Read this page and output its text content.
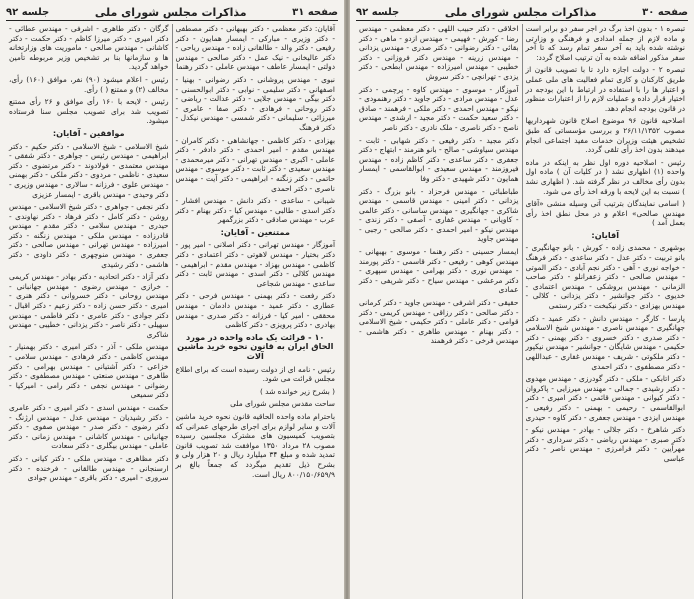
صفحه ۳۱
مذاکرات مجلس شورای ملی
جلسه ۹۲

آقایان: دکتر معظمی - دکتر بهبهانی - دکتر مصطفی - دکتر وزیری - مبارکی - ایمسار همایون - دکتر رفیعی - دکتر والد - طالقانی زاده - مهندس ریاحی - دکتر عالیخانی - نیک عمل - دکتر صالحی - مهندس دولتی - ایمسار عاطف - مهندس عاملی - دکتر رهنما

نبوی - مهندس پروشانی - دکتر رضوانی - بهنیا - اصفهانی - دکتر سلیمی - نوابی - دکتر ابوالحسنی - دکتر بیگی - مهندس جلایی - دکتر عدالت - ریاضی - دکتر روحانی - فرهادی - دکتر صفا - عامری - میرزائی - سلیمانی - دکتر شمسی - مهندس نیکدل - دکتر فرهنگ

بهزادی - دکتر کاظمی - جهانشاهی - دکتر کامران - مهندس مقدم - امیر احمدی - دکتر دادفر - دکتر عاملی - اکبری - مهندس تهرانی - دکتر میرمحمدی - مهندس سعیدی - دکتر ثابت - دکتر موسوی - مهندس حاتمی - دکتر زنگنه - ابراهیمی - دکتر آیت - مهندس ناصری - دکتر احمدی

شیبانی - ساعدی - دکتر دانش - مهندس افشار - دکتر اسدی - طالبی - مهندس کیا - دکتر بهنام - دکتر عرب - مهندس صادقی - دکتر بزرگمهر

ممتنعین - آقایان:

آموزگار - مهندس تهرانی - دکتر اصلانی - امیر پور - دکتر بختیار - مهندس لاهوتی - دکتر اعتمادی - دکتر کاظمی - مهندس بهزاد - مهندس مقدم - ابراهیمی - مهندس کلالی - دکتر اسدی - مهندس ثابت - دکتر ساعدی - مهندس شجاعی

دکتر رفعت - دکتر بهمنی - مهندس فرحی - دکتر عطاری - دکتر عمید - مهندس دادمان - مهندس محققی - امیر کیا - فرزانه - دکتر صدری - مهندس بهادری - دکتر پرویزی - دکتر کاظمی

۱۰ - قرائت یک ماده واحده در مورد الحاق ایران به قانون نحوه خرید ماشین آلات

رئیس - نامه ای از دولت رسیده است که برای اطلاع مجلس قرائت می شود.

( بشرح زیر خوانده شد )

ساحت مقدس مجلس شورای ملی

باحترام ماده واحده الحاقیه قانون نحوه خرید ماشین آلات و سایر لوازم برای اجرای طرحهای عمرانی که بتصویب کمیسیون های مشترک مجلسین رسیده مصوب ۲۸ مرداد ۱۳۵۰ موافقت شد تصویب قانون تمدید شده و مبلغ ۳۴ میلیارد ریال و ۲۰ هزار ولی و بشرح ذیل تقدیم میگردد که جمعاً بالغ بر ۸۰۰/۱۵۰/۶۵۹/۹ ریال است.

گرگان - دکتر طاهری - اشرفی - مهندس عطائی - دکتر امیری - دکتر میرزا کاظم - دکتر حکمت - دکتر کاشانی - مهندس صالحی - ماموریت های وزارتخانه ها و سازمانها بنا بر تشخیص وزیر مربوطه تأمین خواهد گردید.

رئیس - اعلام میشود (۹۰) نفر، موافق (۱۶۰) رأی، مخالف (۲) و ممتنع ( ) رأی.

رئیس - لایحه با ۱۶۰ رأی موافق و ۲۶ رأی ممتنع تصویب شد برای تصویب مجلس سنا فرستاده میشود.

موافقین - آقایان:

شیخ الاسلامی - شیخ الاسلامی - دکتر حکیم - دکتر ابراهیمی - مهندس رئیس - جواهری - دکتر شفقی - مهندس معتمدی - فولادوند - دکتر مرتضوی - دکتر سعیدی - ناظمی - مردوی - دکتر ملکی - دکتر بهمنی - مهندس علوی - فرزانه - سالاری - مهندس وزیری - دکتر وحیدی - مهندس باقری - ایمسار عزیزی

دکتر نجفی - جواهری - دکتر شیخ الاسلامی - مهندس روشن - دکتر کامل - دکتر فرهاد - دکتر نهاوندی - حیدری - مهندس سلامی - دکتر مقدم - مهندس قادرزاده - مهندس ملکی - مهندس زنگنه - دکتر امیرزاده - مهندس تهرانی - مهندس صالحی - دکتر جعفری - مهندس منوچهری - دکتر داودی - دکتر هاشمی - دکتر رشیدی

دکتر آزاد - دکتر اتحادیه - دکتر بهادر - مهندس کریمی - خرازی - مهندس رضوی - مهندس جهانبانی - مهندس روحانی - دکتر خسروانی - دکتر هنری - امیری - دکتر حسن زاده - دکتر زعیم - دکتر اقبال - دکتر جوادی - دکتر عامری - دکتر فاطمی - مهندس سهیلی - دکتر ناصر - دکتر یزدانی - خطیبی - مهندس شاکری

مهندس ملکی - آذر - دکتر امیری - دکتر بهمنیار - مهندس کاظمی - دکتر فرهادی - مهندس سلامی - خزاعی - دکتر آشتیانی - مهندس بهرامی - دکتر طاهری - مهندس صنعتی - مهندس مصطفوی - دکتر رضوانی - مهندس نجفی - دکتر رامی - امیرکیا - دکتر سمیعی

حکمت - مهندس اسدی - دکتر امیری - دکتر عامری - دکتر رشیدیان - مهندس عدل - مهندس ارژنگ - دکتر رضوی - دکتر صدر - مهندس صفوی - دکتر جهانبانی - مهندس کاشانی - مهندس زمانی - دکتر عاملی - مهندس بیگلری - دکتر سعادت

دکتر مظاهری - مهندس ملکی - دکتر کیانی - دکتر ارسنجانی - مهندس طالقانی - فرخنده - دکتر سروری - امیری - دکتر باقری - مهندس جوادی

صفحه ۳۰
مذاکرات مجلس شورای ملی
جلسه ۹۲

تبصره ۱ - بدون اخذ برگ در اجر سفر دو برابر است و ماده لازم از جمله امدادی و فرهنگی و وزارتی نوشته شده باید به آخر سفر تمام رسد که تا آخر سفر مذکور اضافه شده به آن ترتیب اصلاح گردد:

تبصره ۲ - دولت اجازه دارد تا با تصویب قانون از طریق کارکنان و کاری تمام فعالیت های ملی عملی و اعتبار ها را با استفاده در ارتباط با این بودجه در اختیار قرار داده و عملیات لازم را از اعتبارات منظور در قانون بودجه انجام دهد.

اصلاحیه قانون ۹۶ موضوع اصلاح قانون شهرداریها مصوب ۲۶/۱۱/۱۳۵۲ و بررسی مؤسساتی که طبق تشخیص هیئت وزیران خدمات مفید اجتماعی انجام میدهند بدون اخذ رأی تلقی گردد.

رئیس - اصلاحیه دوره اول نظر به اینکه در ماده واحده (۱) اظهاری نشد ( در کلیات آن ) ماده اول بدون رأی مخالف در نظر گرفته شد. ( اظهاری نشد ) نسبت به این لایحه با ورقه اخذ رأی می شود.

( اسامی نمایندگان بترتیب آتی وسیله منشی «آقای مهندس صالحی» اعلام و در محل نطق اخذ رأی بعمل آمد )

آقایان:

بوشهری - محمدی زاده - کورش - بانو جهانگیری - بانو تربیت - دکتر عدل - دکتر ساعدی - دکتر فرهنگ - خواجه نوری - آهی - دکتر نجم آبادی - دکتر الموتی - مهندس صالحی - دکتر زعفرانلو - دکتر صاحب الزمانی - مهندس بروشکی - مهندس اعتمادی - خدیوی - دکتر جوانشیر - دکتر یزدانی - کلالی - مهندس بهزادی - دکتر نیکبخت - دکتر رستمی

پارسا - کارگر - مهندس دانش - دکتر عمید - دکتر جهانگیری - مهندس ناصری - مهندس شیخ الاسلامی - دکتر صدری - دکتر خسروی - دکتر بهمنی - دکتر حکیمی - مهندس شایگان - جوانشیر - مهندس نیکپور - دکتر ملکوتی - شریف - مهندس غفاری - عبداللهی - دکتر مصطفوی - دکتر احمدی

دکتر اتابکی - ملکی - دکتر گودرزی - مهندس مهدوی - دکتر رشیدی - جمالی - مهندس میرزایی - پاکروان - دکتر کیوانی - مهندس قائمی - دکتر امیری - دکتر ابوالقاسمی - رحیمی - بهمنی - دکتر رفیعی - مهندس ایزدی - مهندس جعفری - دکتر کاوه - حیدری

دکتر شاهرخ - دکتر جلالی - بهادر - مهندس نیکو - دکتر صبری - مهندس ریاضی - دکتر سرداری - دکتر مهرآیین - دکتر فرامرزی - مهندس ناصر - دکتر عباسی

اخلاقی - دکتر حبیب اللهی - دکتر معظمی - مهندس رضا - کورش - فهیمی - مهندس ازدو - ماهی - دکتر بقائی - دکتر رضوانی - دکتر صدری - مهندس یزدانی - مهندس زرینه - مهندس دکتر فروزانی - دکتر خطیبی - مهندس امیرزاده - مهندس ابطحی - دکتر یزدی - تهرانچی - دکتر سروش

آموزگار - موسوی - مهندس کاوه - پرچمی - دکتر عدل - مهندس مرادی - دکتر جاوید - دکتر رهنمودی - نیکو - مهندس احمدی - دکتر ملکی - فرهمند - صادق - دکتر سعید حکمت - دکتر مجید - ارشدی - مهندس ناصح - دکتر ناصری - ملک نادری - دکتر ناصر

دکتر مجید - دکتر رفیعی - دکتر شهابی - ثابت - مهندس سیاوشی - صالح - بانو هنرمند - ابتهاج - دکتر جعفری - دکتر ساعدی - دکتر کاظم زاده - مهندس فیروزمند - مهندس سعیدی - ابوالقاسمی - ایمسار همایون - دکتر شهیدی - دکتر وفا

طباطبائی - مهندس فرحزاد - بانو بزرگ - دکتر یزدانی - دکتر امینی - مهندس قاسمی - مهندس شاکری - جهانگیری - مهندس ساسانی - دکتر عالمی - کاویانی - مهندس غفاری - آصفی - دکتر زندی - مهندس نیکو - امیر احمدی - دکتر صالحی - رجبی - مهندس جاوید

ایمسار حسینی - دکتر رهنما - موسوی - بهبهانی - مهندس کوهی - رفیعی - دکتر قاسمی - دکتر پورمند - مهندس نوری - دکتر بهرامی - مهندس سپهری - دکتر مرعشی - مهندس سیاح - دکتر شریفی - دکتر عمادی

حقیقی - دکتر اشرفی - مهندس جاوید - دکتر کرمانی - دکتر صالحی - دکتر رزاقی - مهندس کریمی - دکتر قوامی - دکتر عاملی - دکتر حکیمی - شیخ الاسلامی - دکتر بهنام - مهندس طاهری - دکتر هاشمی - مهندس فرخی - دکتر فرهمند
